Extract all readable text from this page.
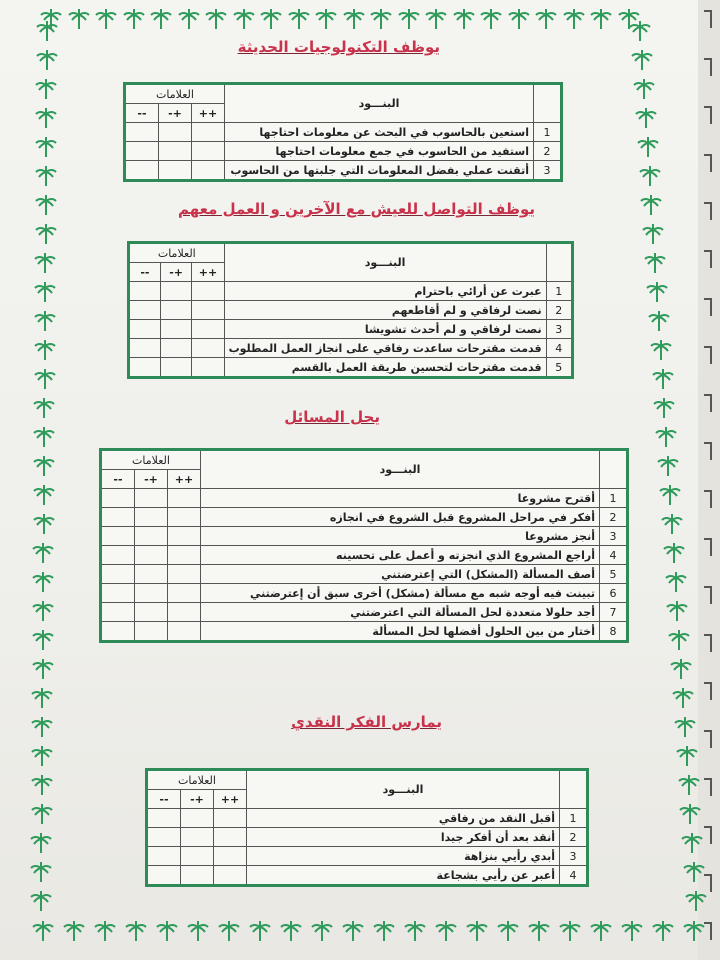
يوظف التكنولوجيات الحديثة
	البنـــود	العلامات		
		++	+-	--
1	استعين بالحاسوب في البحث عن معلومات احتاجها			
2	استفيد من الحاسوب في جمع معلومات احتاجها			
3	أتقنت عملي بفضل المعلومات التي جلبتها من الحاسوب			
يوظف التواصل للعيش مع الآخرين و العمل معهم
	البنـــود	العلامات		
		++	+-	--
1	عبرت عن أرائي باحترام			
2	نصت لرفاقي و لم أقاطعهم			
3	نصت لرفاقي و لم أحدث تشويشا			
4	قدمت مقترحات ساعدت رفاقي على انجاز العمل المطلوب			
5	قدمت مقترحات لتحسين طريقة العمل بالقسم			
يحل المسائل
	البنـــود	العلامات		
		++	+-	--
1	أقترح مشروعا			
2	أفكر في مراحل المشروع قبل الشروع في انجازه			
3	أنجز مشروعا			
4	أراجع المشروع الذي انجزته و أعمل على تحسينه			
5	أصف المسألة (المشكل) التي إعترضتني			
6	تبينت فيه أوجه شبه مع مسألة (مشكل) أخرى سبق أن إعترضتني			
7	أجد حلولا متعددة لحل المسألة التي اعترضتني			
8	أختار من بين الحلول أفضلها لحل المسألة			
يمارس الفكر النقدي
	البنـــود	العلامات		
		++	+-	--
1	أقبل النقد من رفاقي			
2	أنقد بعد أن أفكر جيدا			
3	أبدي رأيي بنزاهة			
4	أعبر عن رأيي بشجاعة			
